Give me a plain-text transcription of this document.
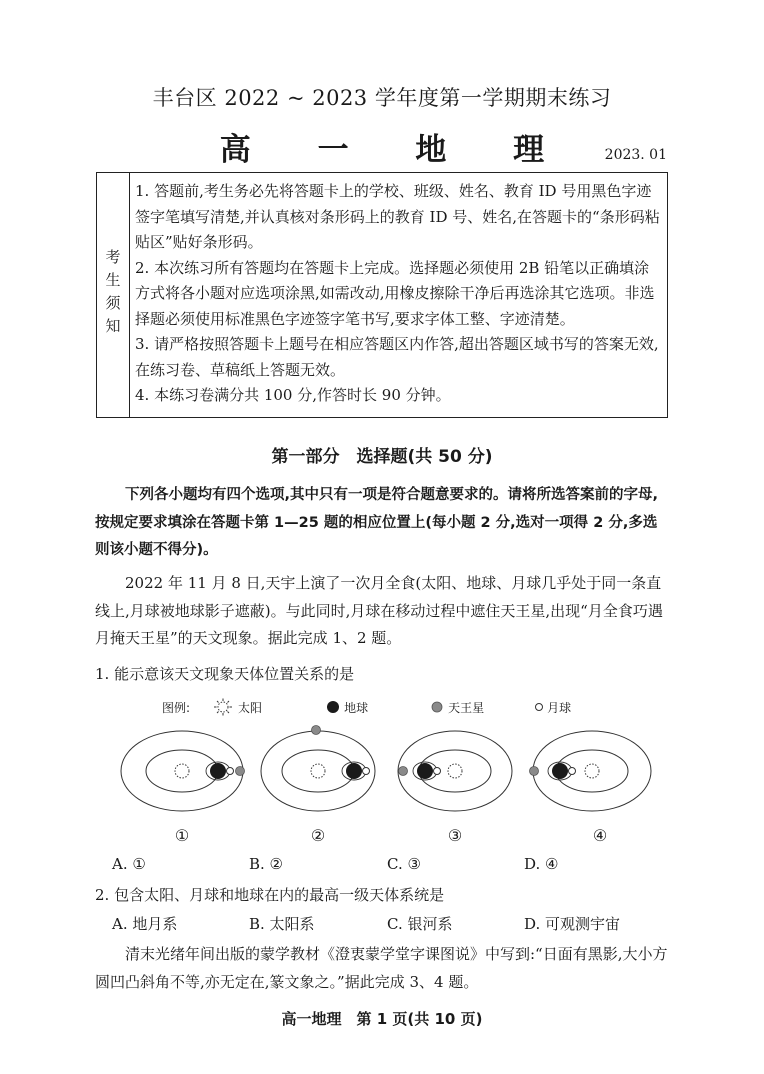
丰台区 2022 ~ 2023 学年度第一学期期末练习
高 一 地 理	2023. 01
考生须知

1. 答题前,考生务必先将答题卡上的学校、班级、姓名、教育 ID 号用黑色字迹签字笔填写清楚,并认真核对条形码上的教育 ID 号、姓名,在答题卡的“条形码粘贴区”贴好条形码。

2. 本次练习所有答题均在答题卡上完成。选择题必须使用 2B 铅笔以正确填涂方式将各小题对应选项涂黑,如需改动,用橡皮擦除干净后再选涂其它选项。非选择题必须使用标准黑色字迹签字笔书写,要求字体工整、字迹清楚。

3. 请严格按照答题卡上题号在相应答题区内作答,超出答题区域书写的答案无效,在练习卷、草稿纸上答题无效。

4. 本练习卷满分共 100 分,作答时长 90 分钟。

第一部分　选择题(共 50 分)
下列各小题均有四个选项,其中只有一项是符合题意要求的。请将所选答案前的字母,按规定要求填涂在答题卡第 1—25 题的相应位置上(每小题 2 分,选对一项得 2 分,多选则该小题不得分)。
2022 年 11 月 8 日,天宇上演了一次月全食(太阳、地球、月球几乎处于同一条直线上,月球被地球影子遮蔽)。与此同时,月球在移动过程中遮住天王星,出现“月全食巧遇月掩天王星”的天文现象。据此完成 1、2 题。
1. 能示意该天文现象天体位置关系的是
图例:	太阳	地球	天王星	月球
①	②	③	④
A. ①	B. ②	C. ③	D. ④
2. 包含太阳、月球和地球在内的最高一级天体系统是
A. 地月系	B. 太阳系	C. 银河系	D. 可观测宇宙
清末光绪年间出版的蒙学教材《澄衷蒙学堂字课图说》中写到:“日面有黑影,大小方圆凹凸斜角不等,亦无定在,篆文象之。”据此完成 3、4 题。
高一地理　第 1 页(共 10 页)
